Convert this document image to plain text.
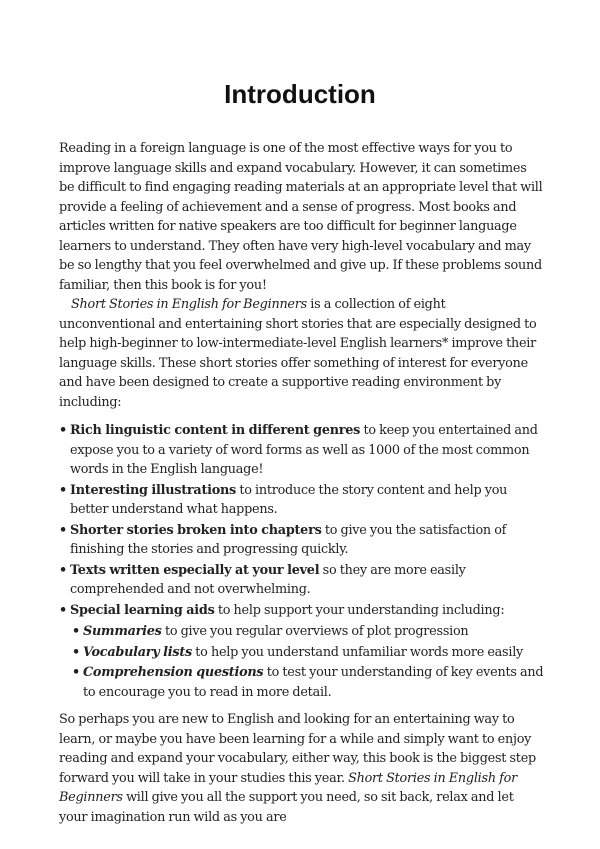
Introduction

Reading in a foreign language is one of the most effective ways for you to improve language skills and expand vocabulary. However, it can sometimes be difficult to find engaging reading materials at an appropriate level that will provide a feeling of achievement and a sense of progress. Most books and articles written for native speakers are too difficult for beginner language learners to understand. They often have very high-level vocabulary and may be so lengthy that you feel overwhelmed and give up. If these problems sound familiar, then this book is for you!

Short Stories in English for Beginners is a collection of eight unconventional and entertaining short stories that are especially designed to help high-beginner to low-intermediate-level English learners* improve their language skills. These short stories offer something of interest for everyone and have been designed to create a supportive reading environment by including:

• Rich linguistic content in different genres to keep you entertained and expose you to a variety of word forms as well as 1000 of the most common words in the English language!
• Interesting illustrations to introduce the story content and help you better understand what happens.
• Shorter stories broken into chapters to give you the satisfaction of finishing the stories and progressing quickly.
• Texts written especially at your level so they are more easily comprehended and not overwhelming.
• Special learning aids to help support your understanding including:
• Summaries to give you regular overviews of plot progression
• Vocabulary lists to help you understand unfamiliar words more easily
• Comprehension questions to test your understanding of key events and to encourage you to read in more detail.

So perhaps you are new to English and looking for an entertaining way to learn, or maybe you have been learning for a while and simply want to enjoy reading and expand your vocabulary, either way, this book is the biggest step forward you will take in your studies this year. Short Stories in English for Beginners will give you all the support you need, so sit back, relax and let your imagination run wild as you are
